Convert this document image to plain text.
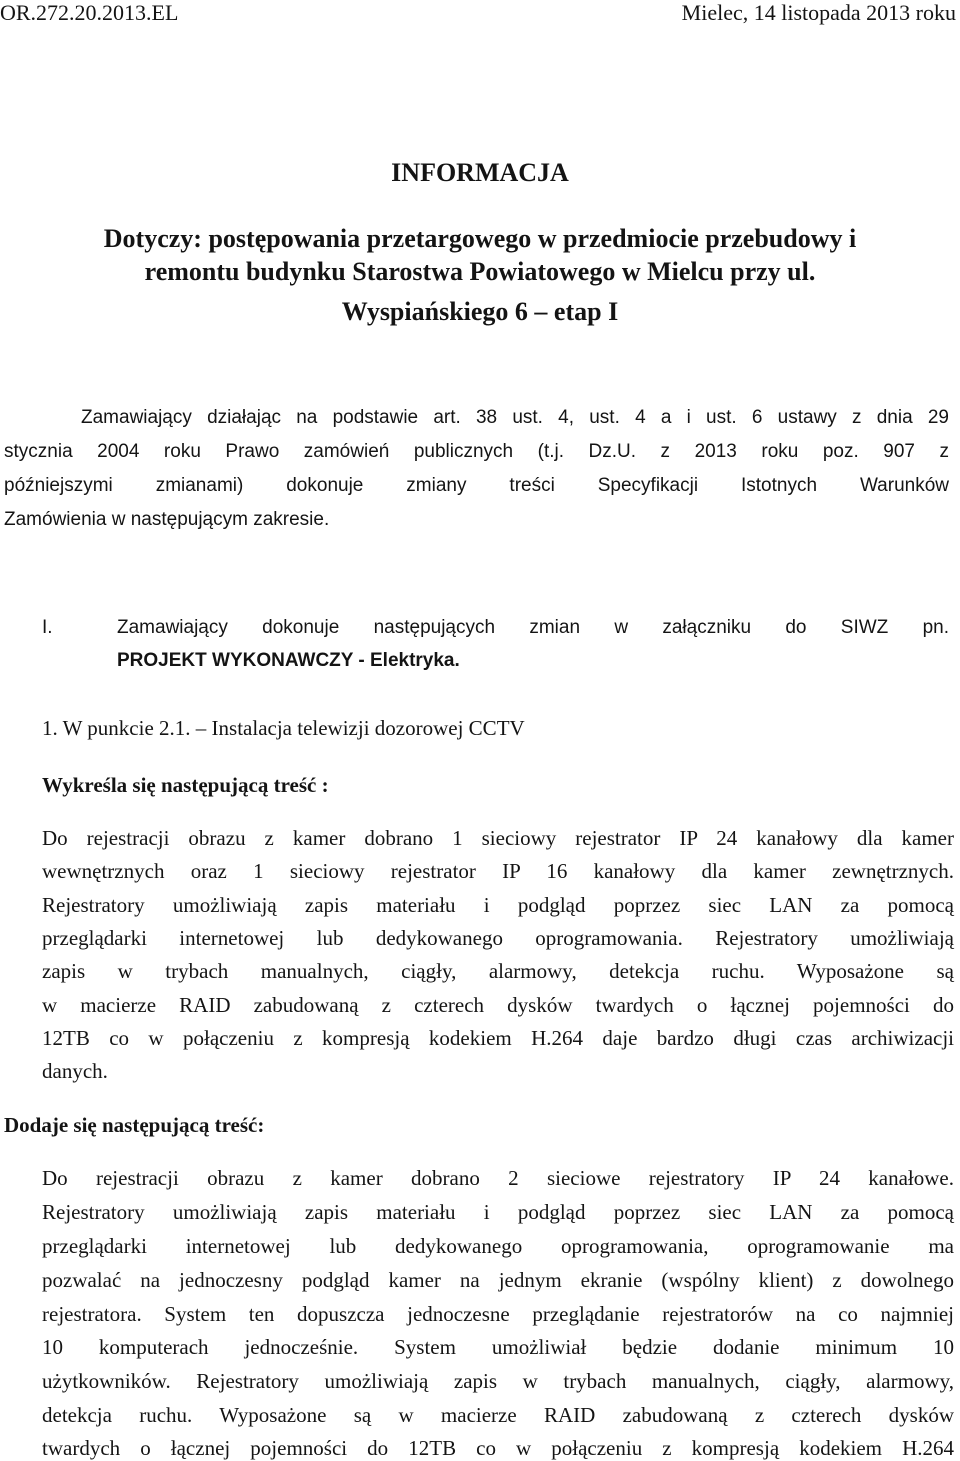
OR.272.20.2013.EL	Mielec, 14 listopada 2013 roku
INFORMACJA
Dotyczy: postępowania przetargowego w przedmiocie przebudowy i
remontu budynku Starostwa Powiatowego w Mielcu przy ul.
Wyspiańskiego 6 – etap I
Zamawiający działając na podstawie art. 38 ust. 4, ust. 4 a i ust. 6 ustawy z dnia 29
stycznia 2004 roku Prawo zamówień publicznych (t.j. Dz.U. z 2013 roku poz. 907 z
późniejszymi zmianami) dokonuje zmiany treści Specyfikacji Istotnych Warunków
Zamówienia w następującym zakresie.
I.	Zamawiający dokonuje następujących zmian w załączniku do SIWZ pn.
PROJEKT WYKONAWCZY - Elektryka.
1. W punkcie 2.1. – Instalacja telewizji dozorowej CCTV
Wykreśla się następującą treść :
Do rejestracji obrazu z kamer dobrano 1 sieciowy rejestrator IP 24 kanałowy dla kamer
wewnętrznych oraz 1 sieciowy rejestrator IP 16 kanałowy dla kamer zewnętrznych.
Rejestratory umożliwiają zapis materiału i podgląd poprzez siec LAN za pomocą
przeglądarki internetowej lub dedykowanego oprogramowania. Rejestratory umożliwiają
zapis w trybach manualnych, ciągły, alarmowy, detekcja ruchu. Wyposażone są
w macierze RAID zabudowaną z czterech dysków twardych o łącznej pojemności do
12TB co w połączeniu z kompresją kodekiem H.264 daje bardzo długi czas archiwizacji
danych.
Dodaje się następującą treść:
Do rejestracji obrazu z kamer dobrano 2 sieciowe rejestratory IP 24 kanałowe.
Rejestratory umożliwiają zapis materiału i podgląd poprzez siec LAN za pomocą
przeglądarki internetowej lub dedykowanego oprogramowania, oprogramowanie ma
pozwalać na jednoczesny podgląd kamer na jednym ekranie (wspólny klient) z dowolnego
rejestratora. System ten dopuszcza jednoczesne przeglądanie rejestratorów na co najmniej
10 komputerach jednocześnie. System umożliwiał będzie dodanie minimum 10
użytkowników. Rejestratory umożliwiają zapis w trybach manualnych, ciągły, alarmowy,
detekcja ruchu. Wyposażone są w macierze RAID zabudowaną z czterech dysków
twardych o łącznej pojemności do 12TB co w połączeniu z kompresją kodekiem H.264
